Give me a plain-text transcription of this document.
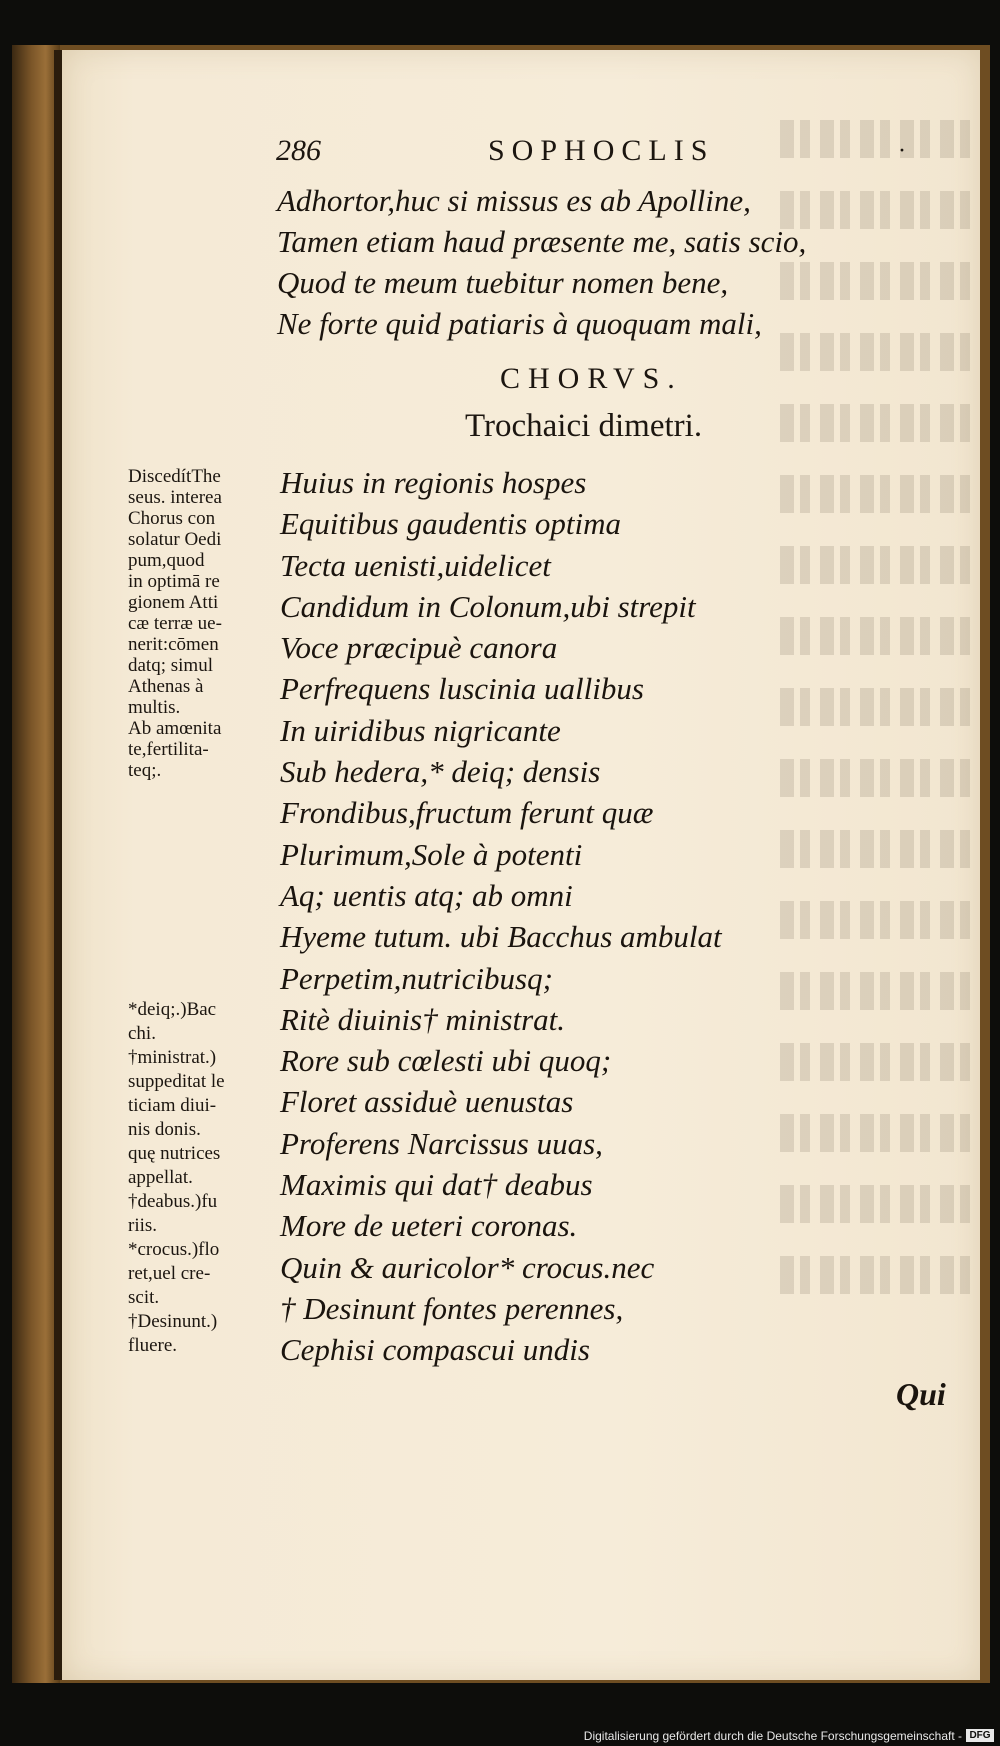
286	SOPHOCLIS	·
Adhortor,huc si missus es ab Apolline,
Tamen etiam haud præsente me, satis scio,
Quod te meum tuebitur nomen bene,
Ne forte quid patiaris à quoquam mali,
CHORVS.
Trochaici dimetri.
DiscedítThe
seus. interea
Chorus con
solatur Oedi
pum,quod
in optimā re
gionem Atti
cæ terræ ue-
nerit:cōmen
datq; simul
Athenas à
multis.
Ab amœnita
te,fertilita-
teq;.
Huius in regionis hospes
Equitibus gaudentis optima
Tecta uenisti,uidelicet
Candidum in Colonum,ubi strepit
Voce præcipuè canora
Perfrequens luscinia uallibus
In uiridibus nigricante
Sub hedera,* deiq; densis
Frondibus,fructum ferunt quæ
Plurimum,Sole à potenti
Aq; uentis atq; ab omni
Hyeme tutum. ubi Bacchus ambulat
Perpetim,nutricibusq;
Ritè diuinis† ministrat.
Rore sub cœlesti ubi quoq;
Floret assiduè uenustas
Proferens Narcissus uuas,
Maximis qui dat† deabus
More de ueteri coronas.
Quin & auricolor* crocus.nec
† Desinunt fontes perennes,
Cephisi compascui undis
*deiq;.)Bac
chi.
†ministrat.)
suppeditat le
ticiam diui-
nis donis.
quę nutrices
appellat.
†deabus.)fu
riis.
*crocus.)flo
ret,uel cre-
scit.
†Desinunt.)
fluere.
Qui
Digitalisierung gefördert durch die Deutsche Forschungsgemeinschaft - DFG
